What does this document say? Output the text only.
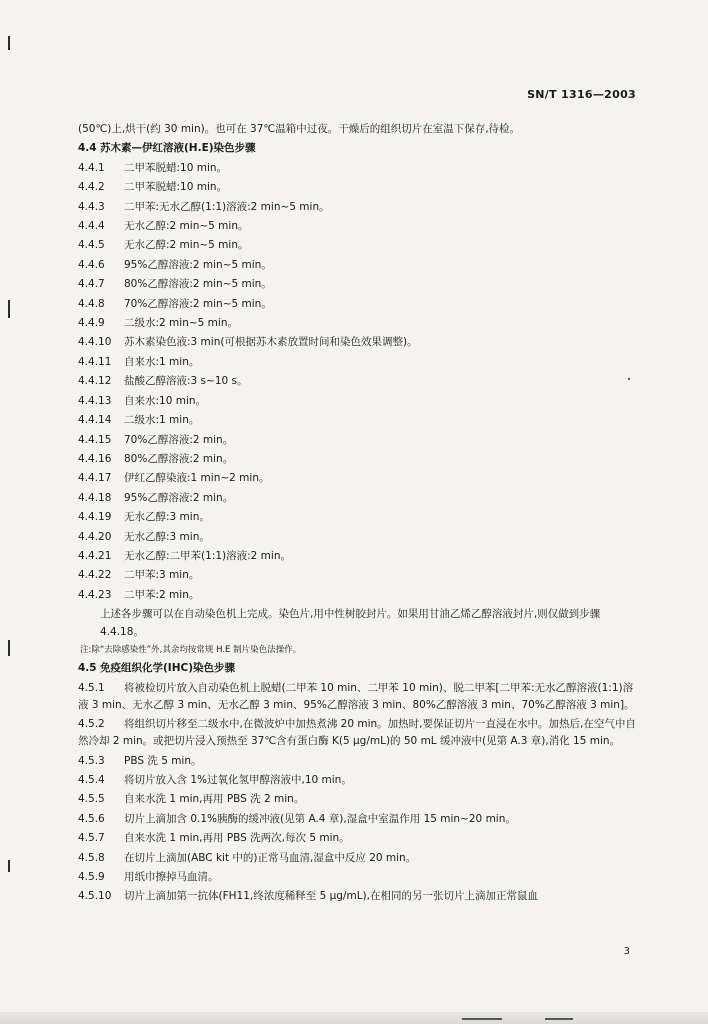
SN/T 1316—2003
(50℃)上,烘干(约 30 min)。也可在 37℃温箱中过夜。干燥后的组织切片在室温下保存,待检。
4.4 苏木素—伊红溶液(H.E)染色步骤
4.4.1 二甲苯脱蜡:10 min。
4.4.2 二甲苯脱蜡:10 min。
4.4.3 二甲苯:无水乙醇(1:1)溶液:2 min~5 min。
4.4.4 无水乙醇:2 min~5 min。
4.4.5 无水乙醇:2 min~5 min。
4.4.6 95%乙醇溶液:2 min~5 min。
4.4.7 80%乙醇溶液:2 min~5 min。
4.4.8 70%乙醇溶液:2 min~5 min。
4.4.9 二级水:2 min~5 min。
4.4.10 苏木素染色液:3 min(可根据苏木素放置时间和染色效果调整)。
4.4.11 自来水:1 min。
4.4.12 盐酸乙醇溶液:3 s~10 s。
4.4.13 自来水:10 min。
4.4.14 二级水:1 min。
4.4.15 70%乙醇溶液:2 min。
4.4.16 80%乙醇溶液:2 min。
4.4.17 伊红乙醇染液:1 min~2 min。
4.4.18 95%乙醇溶液:2 min。
4.4.19 无水乙醇:3 min。
4.4.20 无水乙醇:3 min。
4.4.21 无水乙醇:二甲苯(1:1)溶液:2 min。
4.4.22 二甲苯:3 min。
4.4.23 二甲苯:2 min。
上述各步骤可以在自动染色机上完成。染色片,用中性树胶封片。如果用甘油乙烯乙醇溶液封片,则仅做到步骤 4.4.18。
注:除“去除感染性”外,其余均按常规 H.E 制片染色法操作。
4.5 免疫组织化学(IHC)染色步骤
4.5.1 将被检切片放入自动染色机上脱蜡(二甲苯 10 min、二甲苯 10 min)、脱二甲苯[二甲苯:无水乙醇溶液(1:1)溶液 3 min、无水乙醇 3 min、无水乙醇 3 min、95%乙醇溶液 3 min、80%乙醇溶液 3 min、70%乙醇溶液 3 min]。
4.5.2 将组织切片移至二级水中,在微波炉中加热煮沸 20 min。加热时,要保证切片一直浸在水中。加热后,在空气中自然冷却 2 min。或把切片浸入预热至 37℃含有蛋白酶 K(5 μg/mL)的 50 mL 缓冲液中(见第 A.3 章),消化 15 min。
4.5.3 PBS 洗 5 min。
4.5.4 将切片放入含 1%过氧化氢甲醇溶液中,10 min。
4.5.5 自来水洗 1 min,再用 PBS 洗 2 min。
4.5.6 切片上滴加含 0.1%胰酶的缓冲液(见第 A.4 章),湿盒中室温作用 15 min~20 min。
4.5.7 自来水洗 1 min,再用 PBS 洗两次,每次 5 min。
4.5.8 在切片上滴加(ABC kit 中的)正常马血清,湿盒中反应 20 min。
4.5.9 用纸巾擦掉马血清。
4.5.10 切片上滴加第一抗体(FH11,终浓度稀释至 5 μg/mL),在相同的另一张切片上滴加正常鼠血
3
